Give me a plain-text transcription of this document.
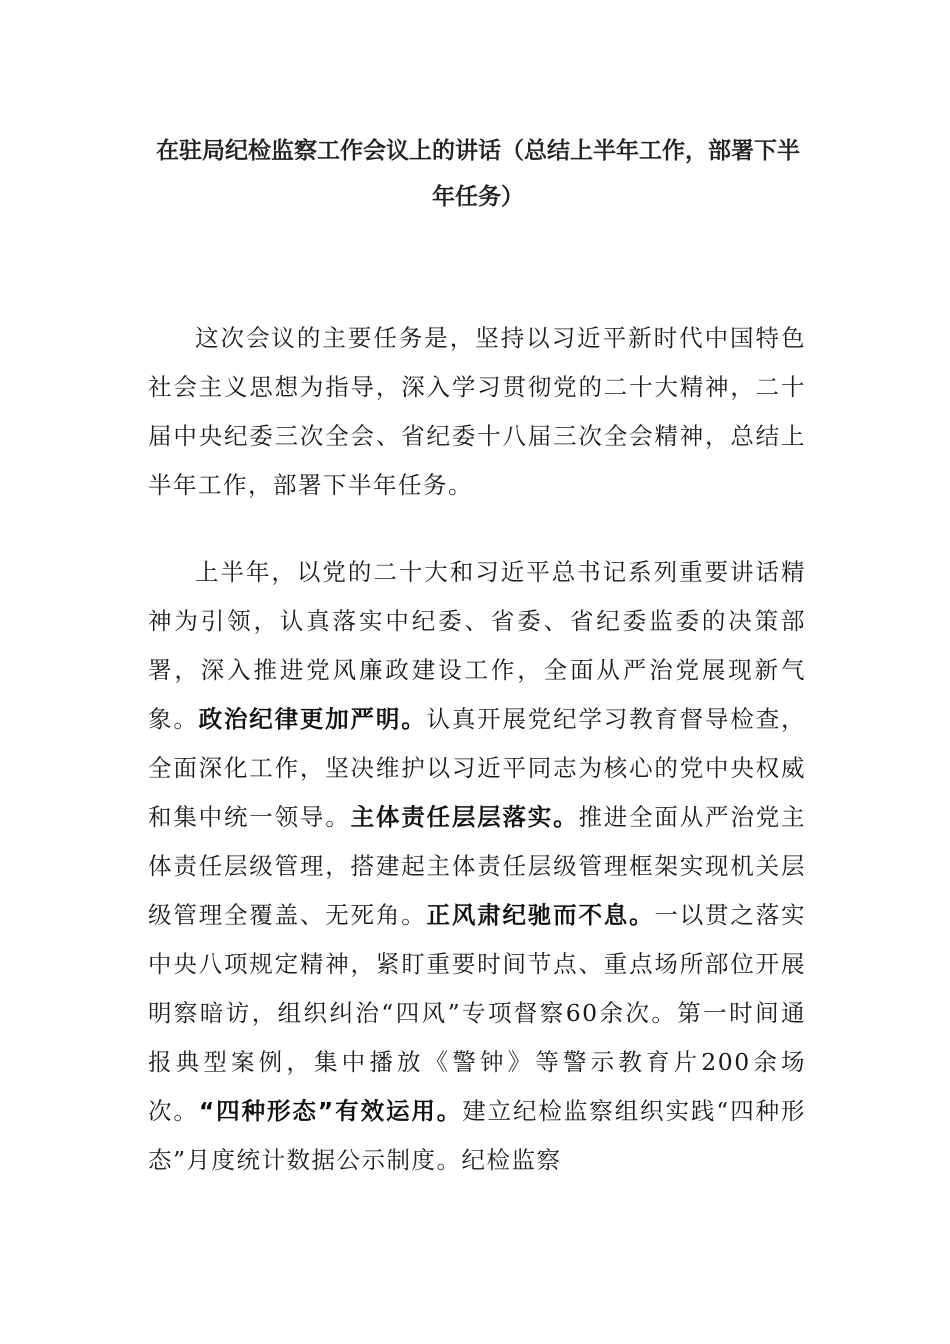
在驻局纪检监察工作会议上的讲话（总结上半年工作，部署下半年任务）

这次会议的主要任务是，坚持以习近平新时代中国特色社会主义思想为指导，深入学习贯彻党的二十大精神，二十届中央纪委三次全会、省纪委十八届三次全会精神，总结上半年工作，部署下半年任务。

上半年，以党的二十大和习近平总书记系列重要讲话精神为引领，认真落实中纪委、省委、省纪委监委的决策部署，深入推进党风廉政建设工作，全面从严治党展现新气象。政治纪律更加严明。认真开展党纪学习教育督导检查，全面深化工作，坚决维护以习近平同志为核心的党中央权威和集中统一领导。主体责任层层落实。推进全面从严治党主体责任层级管理，搭建起主体责任层级管理框架实现机关层级管理全覆盖、无死角。正风肃纪驰而不息。一以贯之落实中央八项规定精神，紧盯重要时间节点、重点场所部位开展明察暗访，组织纠治“四风”专项督察60余次。第一时间通报典型案例，集中播放《警钟》等警示教育片200余场次。“四种形态”有效运用。建立纪检监察组织实践“四种形态”月度统计数据公示制度。纪检监察
